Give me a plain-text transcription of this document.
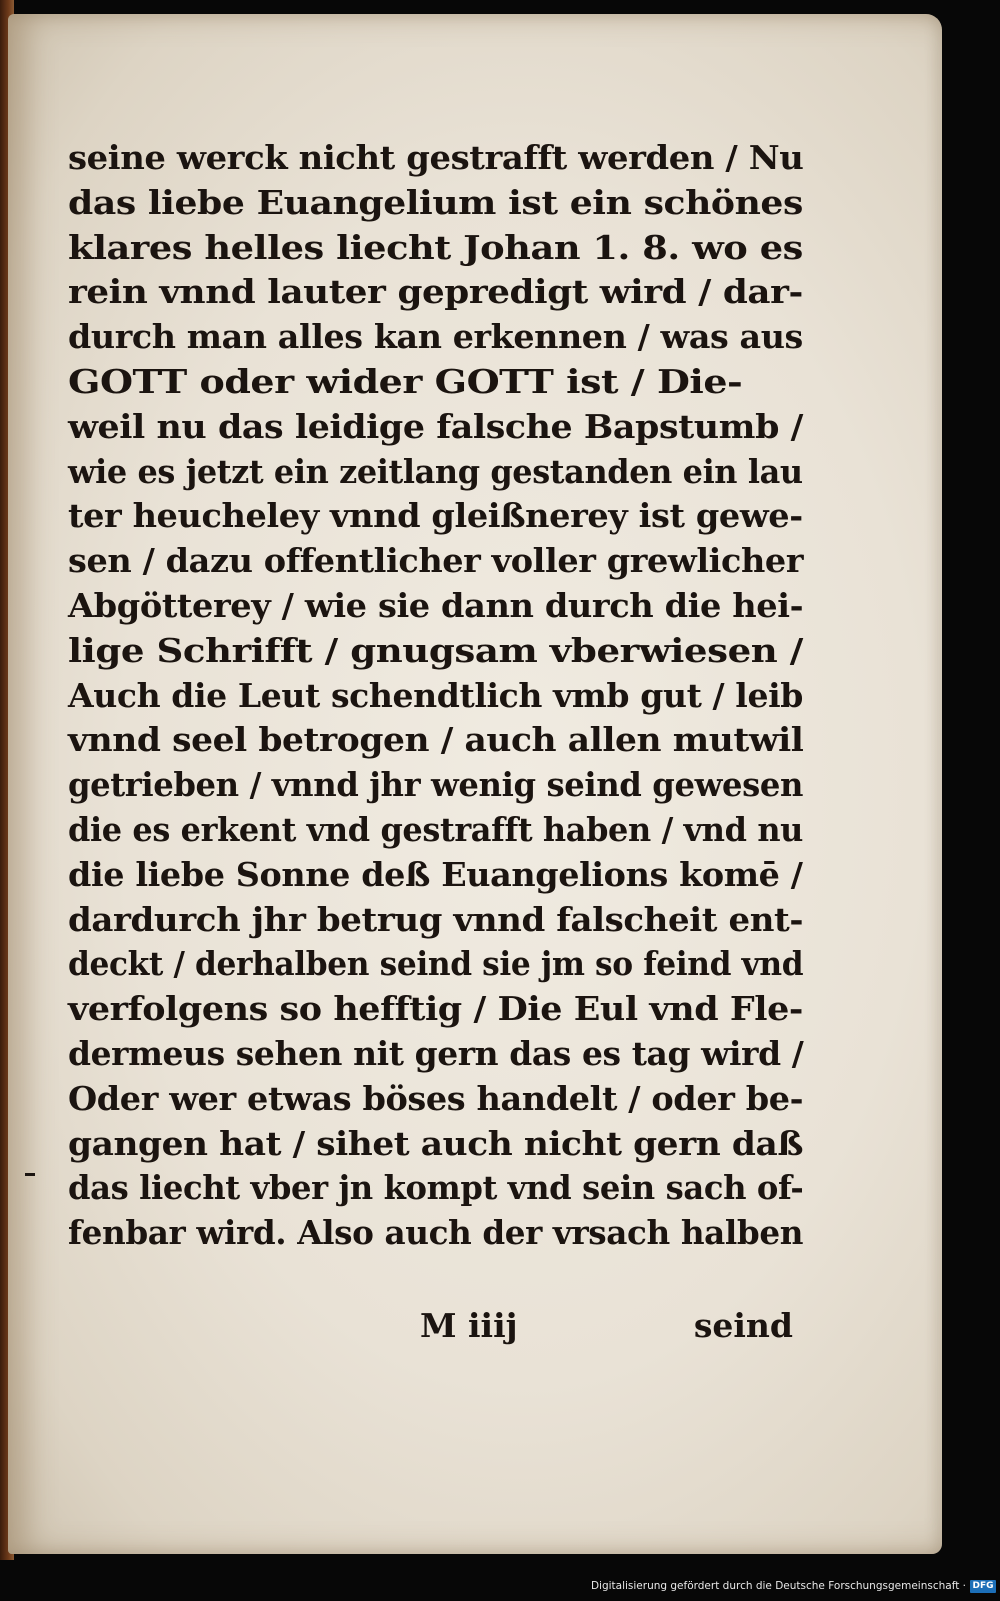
seine werck nicht gestrafft werden / Nu
das liebe Euangelium ist ein schönes
klares helles liecht Johan 1. 8. wo es
rein vnnd lauter gepredigt wird / dar-
durch man alles kan erkennen / was aus
GOTT oder wider GOTT ist / Die-
weil nu das leidige falsche Bapstumb /
wie es jetzt ein zeitlang gestanden ein lau
ter heucheley vnnd gleißnerey ist gewe-
sen / dazu offentlicher voller grewlicher
Abgötterey / wie sie dann durch die hei-
lige Schrifft / gnugsam vberwiesen /
Auch die Leut schendtlich vmb gut / leib
vnnd seel betrogen / auch allen mutwil
getrieben / vnnd jhr wenig seind gewesen
die es erkent vnd gestrafft haben / vnd nu
die liebe Sonne deß Euangelions komē /
dardurch jhr betrug vnnd falscheit ent-
deckt / derhalben seind sie jm so feind vnd
verfolgens so hefftig / Die Eul vnd Fle-
dermeus sehen nit gern das es tag wird /
Oder wer etwas böses handelt / oder be-
gangen hat / sihet auch nicht gern daß
das liecht vber jn kompt vnd sein sach of-
fenbar wird. Also auch der vrsach halben
M iiij	seind
Digitalisierung gefördert durch die Deutsche Forschungsgemeinschaft · DFG
